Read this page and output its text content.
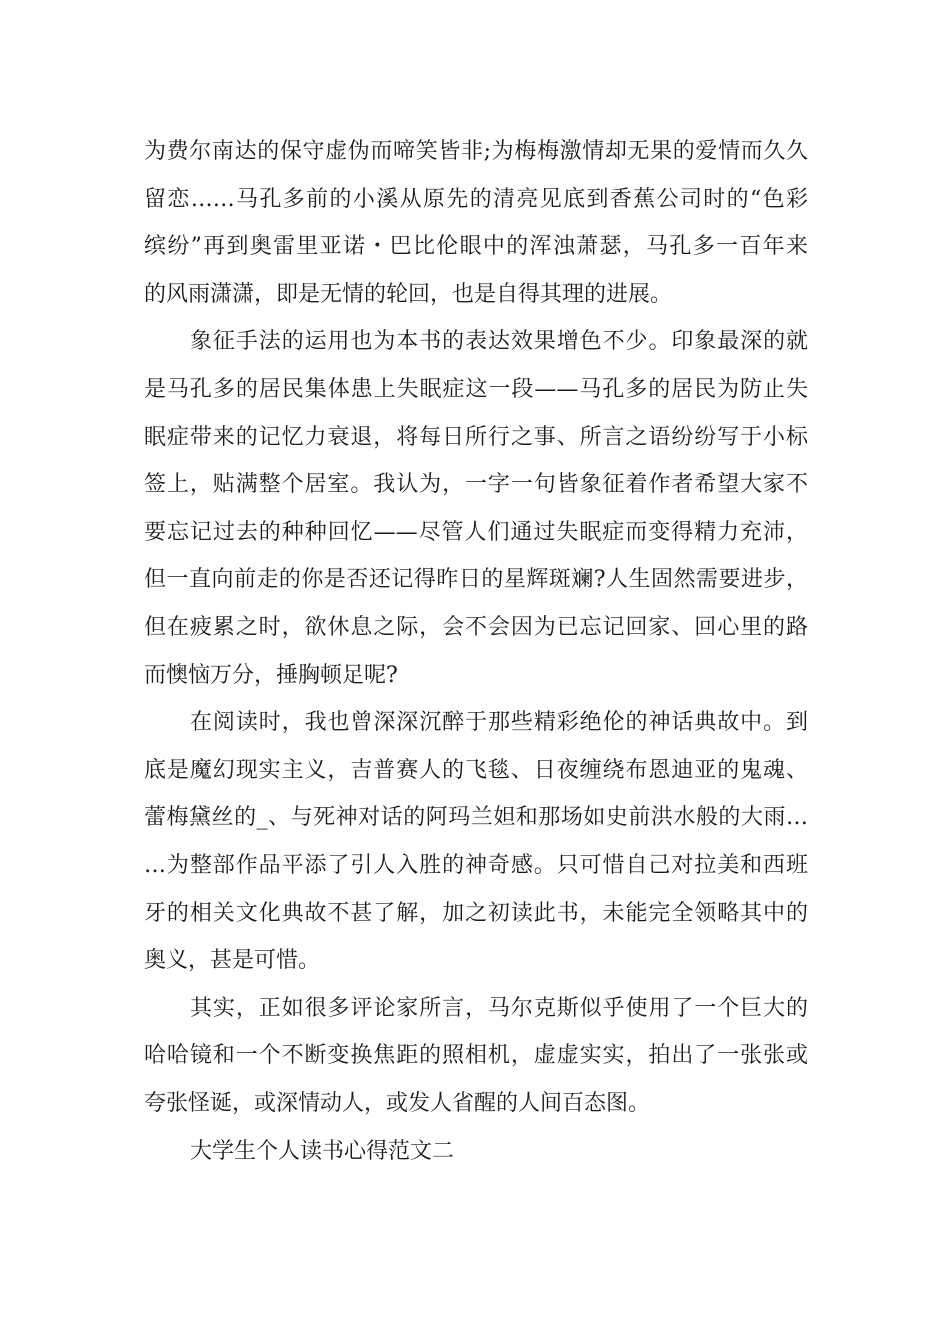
为费尔南达的保守虚伪而啼笑皆非;为梅梅激情却无果的爱情而久久
留恋……马孔多前的小溪从原先的清亮见底到香蕉公司时的“色彩
缤纷”再到奥雷里亚诺・巴比伦眼中的浑浊萧瑟，马孔多一百年来
的风雨潇潇，即是无情的轮回，也是自得其理的进展。
象征手法的运用也为本书的表达效果增色不少。印象最深的就
是马孔多的居民集体患上失眠症这一段——马孔多的居民为防止失
眠症带来的记忆力衰退，将每日所行之事、所言之语纷纷写于小标
签上，贴满整个居室。我认为，一字一句皆象征着作者希望大家不
要忘记过去的种种回忆——尽管人们通过失眠症而变得精力充沛，
但一直向前走的你是否还记得昨日的星辉斑斓?人生固然需要进步，
但在疲累之时，欲休息之际，会不会因为已忘记回家、回心里的路
而懊恼万分，捶胸顿足呢?
在阅读时，我也曾深深沉醉于那些精彩绝伦的神话典故中。到
底是魔幻现实主义，吉普赛人的飞毯、日夜缠绕布恩迪亚的鬼魂、
蕾梅黛丝的_、与死神对话的阿玛兰妲和那场如史前洪水般的大雨…
…为整部作品平添了引人入胜的神奇感。只可惜自己对拉美和西班
牙的相关文化典故不甚了解，加之初读此书，未能完全领略其中的
奥义，甚是可惜。
其实，正如很多评论家所言，马尔克斯似乎使用了一个巨大的
哈哈镜和一个不断变换焦距的照相机，虚虚实实，拍出了一张张或
夸张怪诞，或深情动人，或发人省醒的人间百态图。
大学生个人读书心得范文二
